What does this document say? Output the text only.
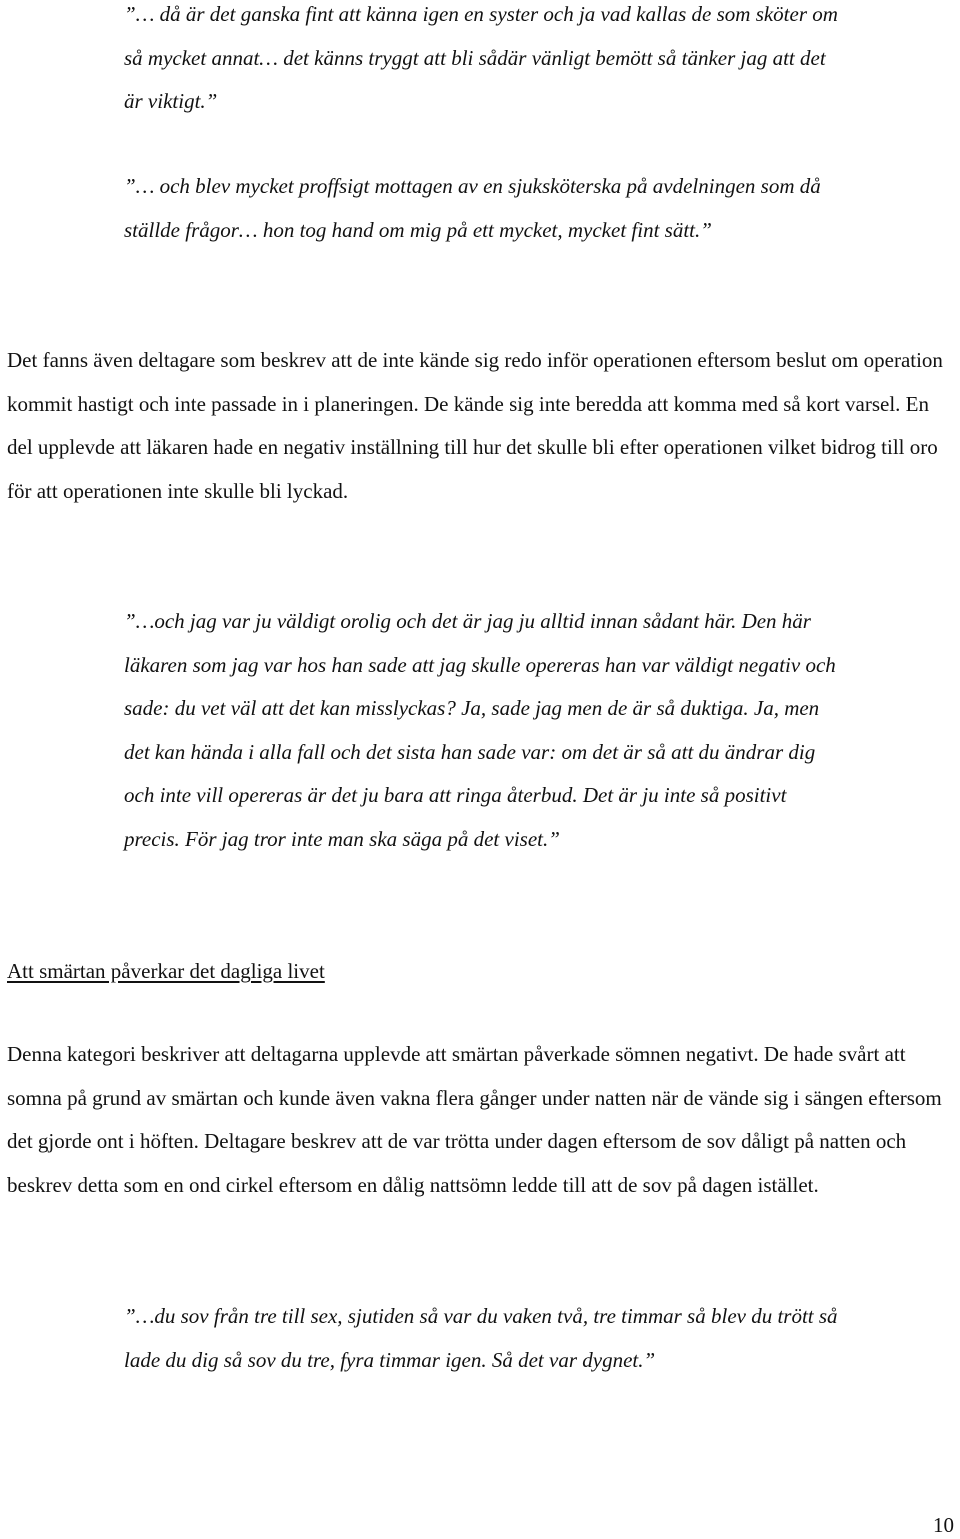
”… då är det ganska fint att känna igen en syster och ja vad kallas de som sköter om så mycket annat… det känns tryggt att bli sådär vänligt bemött så tänker jag att det är viktigt.”

”… och blev mycket proffsigt mottagen av en sjuksköterska på avdelningen som då ställde frågor… hon tog hand om mig på ett mycket, mycket fint sätt.”

Det fanns även deltagare som beskrev att de inte kände sig redo inför operationen eftersom beslut om operation kommit hastigt och inte passade in i planeringen. De kände sig inte beredda att komma med så kort varsel. En del upplevde att läkaren hade en negativ inställning till hur det skulle bli efter operationen vilket bidrog till oro för att operationen inte skulle bli lyckad.

”…och jag var ju väldigt orolig och det är jag ju alltid innan sådant här. Den här läkaren som jag var hos han sade att jag skulle opereras han var väldigt negativ och sade: du vet väl att det kan misslyckas? Ja, sade jag men de är så duktiga. Ja, men det kan hända i alla fall och det sista han sade var: om det är så att du ändrar dig och inte vill opereras är det ju bara att ringa återbud. Det är ju inte så positivt precis. För jag tror inte man ska säga på det viset.”

Att smärtan påverkar det dagliga livet

Denna kategori beskriver att deltagarna upplevde att smärtan påverkade sömnen negativt. De hade svårt att somna på grund av smärtan och kunde även vakna flera gånger under natten när de vände sig i sängen eftersom det gjorde ont i höften. Deltagare beskrev att de var trötta under dagen eftersom de sov dåligt på natten och beskrev detta som en ond cirkel eftersom en dålig nattsömn ledde till att de sov på dagen istället.

”…du sov från tre till sex, sjutiden så var du vaken två, tre timmar så blev du trött så lade du dig så sov du tre, fyra timmar igen. Så det var dygnet.”

10
